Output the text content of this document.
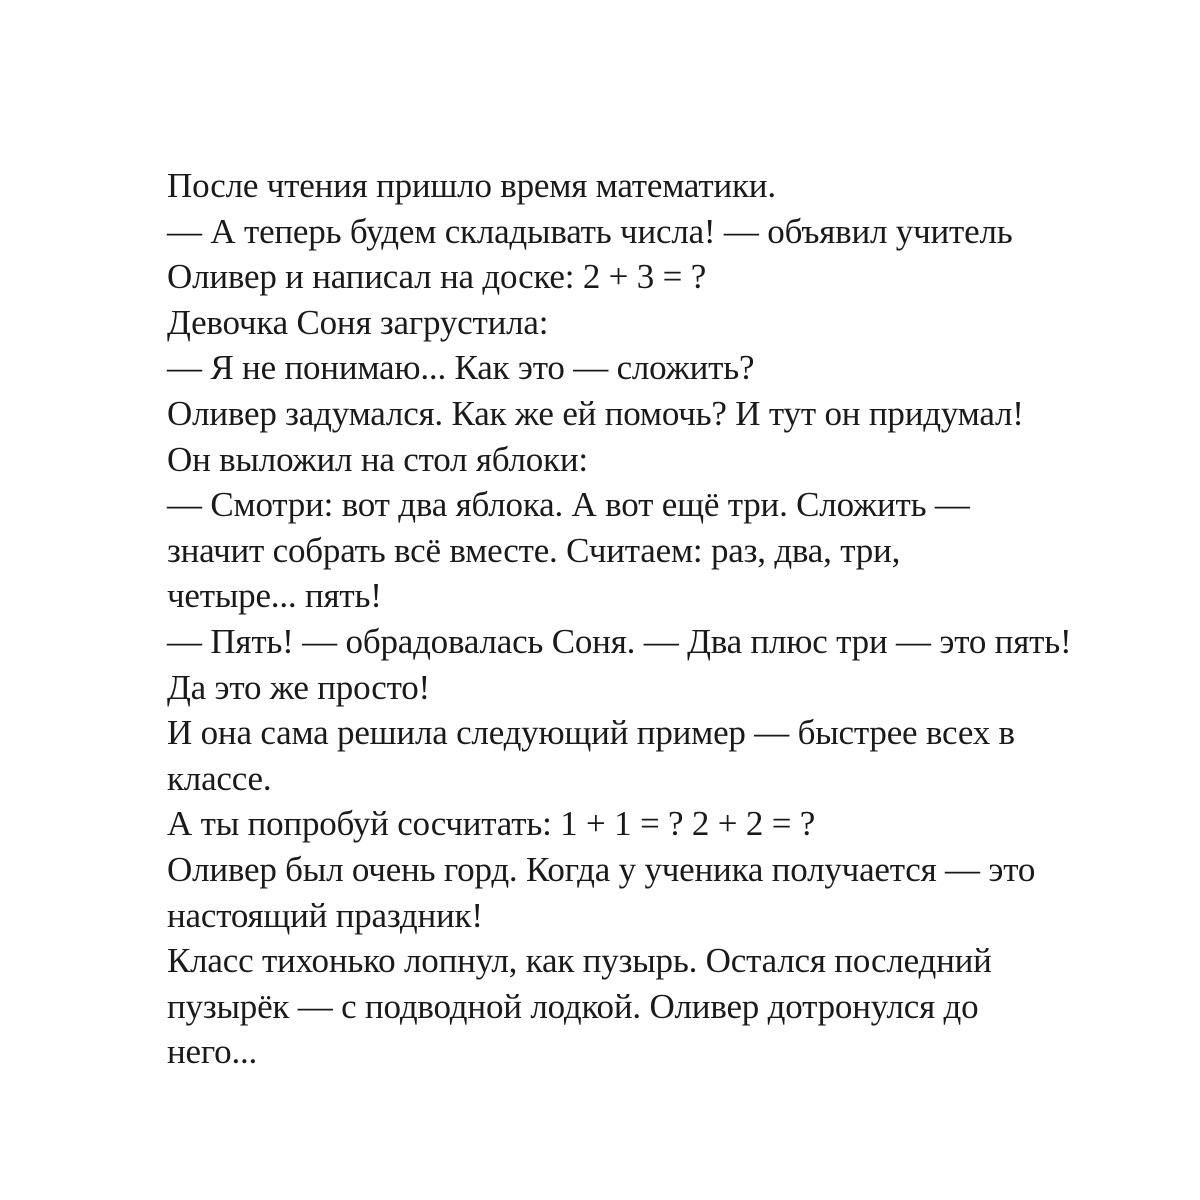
После чтения пришло время математики.
— А теперь будем складывать числа! — объявил учитель
Оливер и написал на доске: 2 + 3 = ?
Девочка Соня загрустила:
— Я не понимаю... Как это — сложить?
Оливер задумался. Как же ей помочь? И тут он придумал!
Он выложил на стол яблоки:
— Смотри: вот два яблока. А вот ещё три. Сложить —
значит собрать всё вместе. Считаем: раз, два, три,
четыре... пять!
— Пять! — обрадовалась Соня. — Два плюс три — это пять!
Да это же просто!
И она сама решила следующий пример — быстрее всех в
классе.
А ты попробуй сосчитать: 1 + 1 = ? 2 + 2 = ?
Оливер был очень горд. Когда у ученика получается — это
настоящий праздник!
Класс тихонько лопнул, как пузырь. Остался последний
пузырёк — с подводной лодкой. Оливер дотронулся до
него...
